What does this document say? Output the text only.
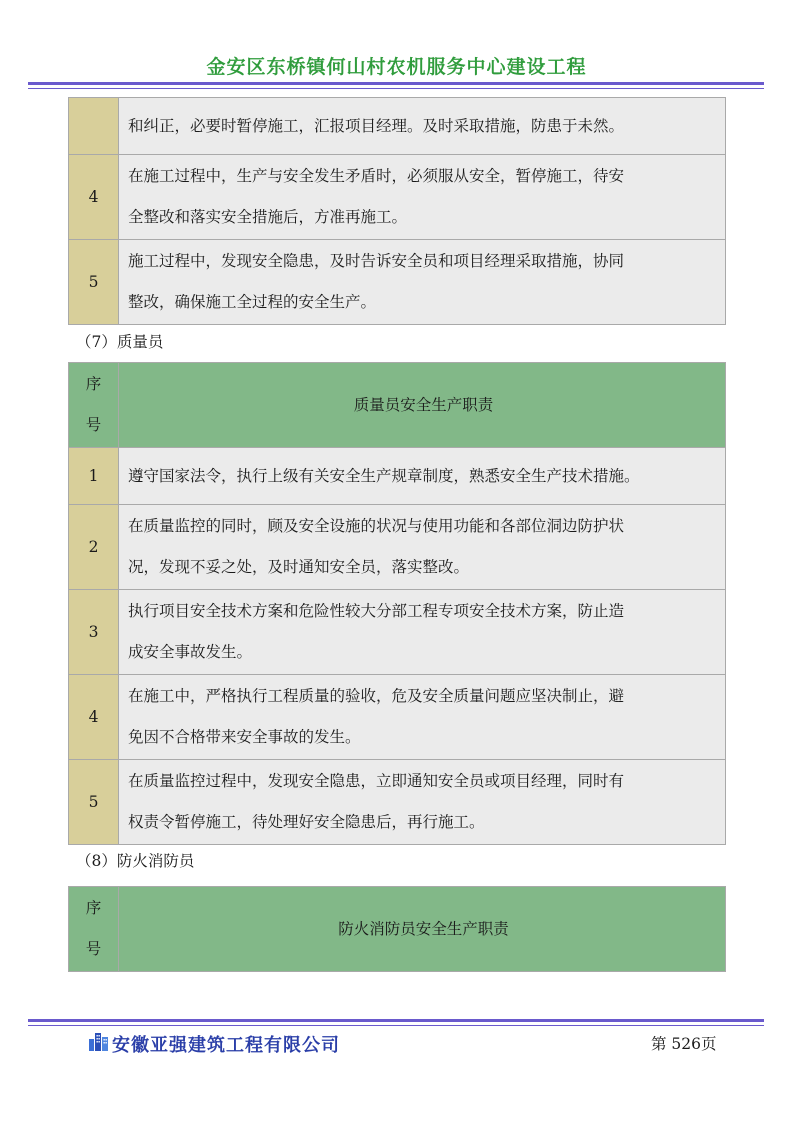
金安区东桥镇何山村农机服务中心建设工程
	和纠正，必要时暂停施工，汇报项目经理。及时采取措施，防患于未然。
4	在施工过程中，生产与安全发生矛盾时，必须服从安全，暂停施工，待安
全整改和落实安全措施后，方准再施工。
5	施工过程中，发现安全隐患，及时告诉安全员和项目经理采取措施，协同
整改，确保施工全过程的安全生产。
（7）质量员
序
号	质量员安全生产职责
1	遵守国家法令，执行上级有关安全生产规章制度，熟悉安全生产技术措施。
2	在质量监控的同时，顾及安全设施的状况与使用功能和各部位洞边防护状
况，发现不妥之处，及时通知安全员，落实整改。
3	执行项目安全技术方案和危险性较大分部工程专项安全技术方案，防止造
成安全事故发生。
4	在施工中，严格执行工程质量的验收，危及安全质量问题应坚决制止，避
免因不合格带来安全事故的发生。
5	在质量监控过程中，发现安全隐患，立即通知安全员或项目经理，同时有
权责令暂停施工，待处理好安全隐患后，再行施工。
（8）防火消防员
序
号	防火消防员安全生产职责
安徽亚强建筑工程有限公司	第 526页
